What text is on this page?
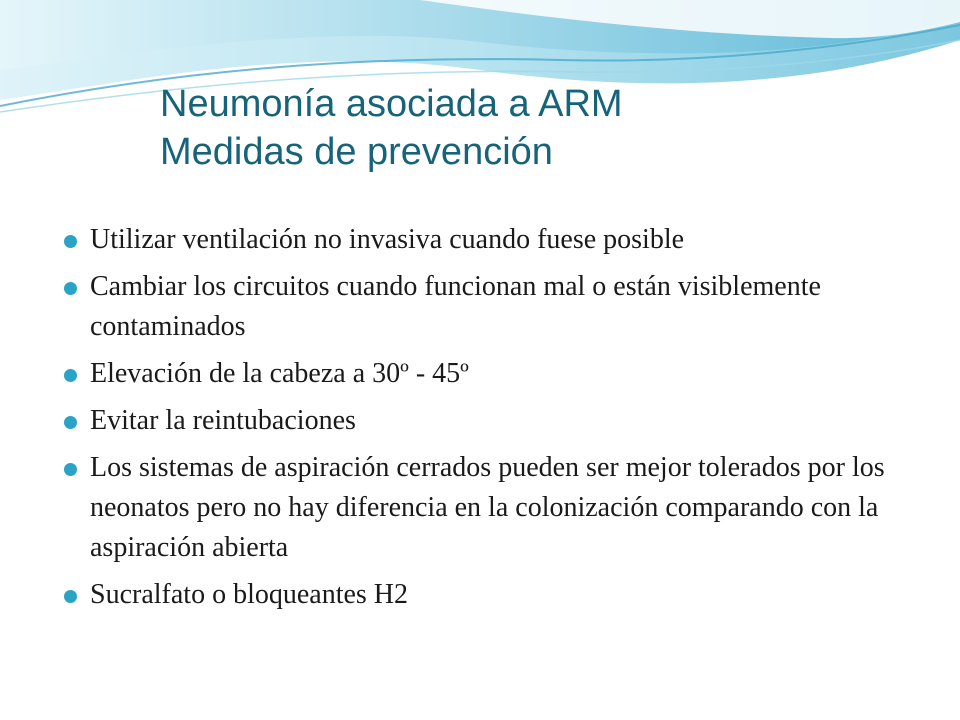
Neumonía asociada a ARM
Medidas de prevención
Utilizar ventilación no invasiva cuando fuese posible
Cambiar los circuitos cuando funcionan mal o están visiblemente contaminados
Elevación de la cabeza a 30º - 45º
Evitar la reintubaciones
Los sistemas de aspiración cerrados pueden ser mejor tolerados por los neonatos pero no hay diferencia en la colonización comparando con la aspiración abierta
Sucralfato o bloqueantes H2
